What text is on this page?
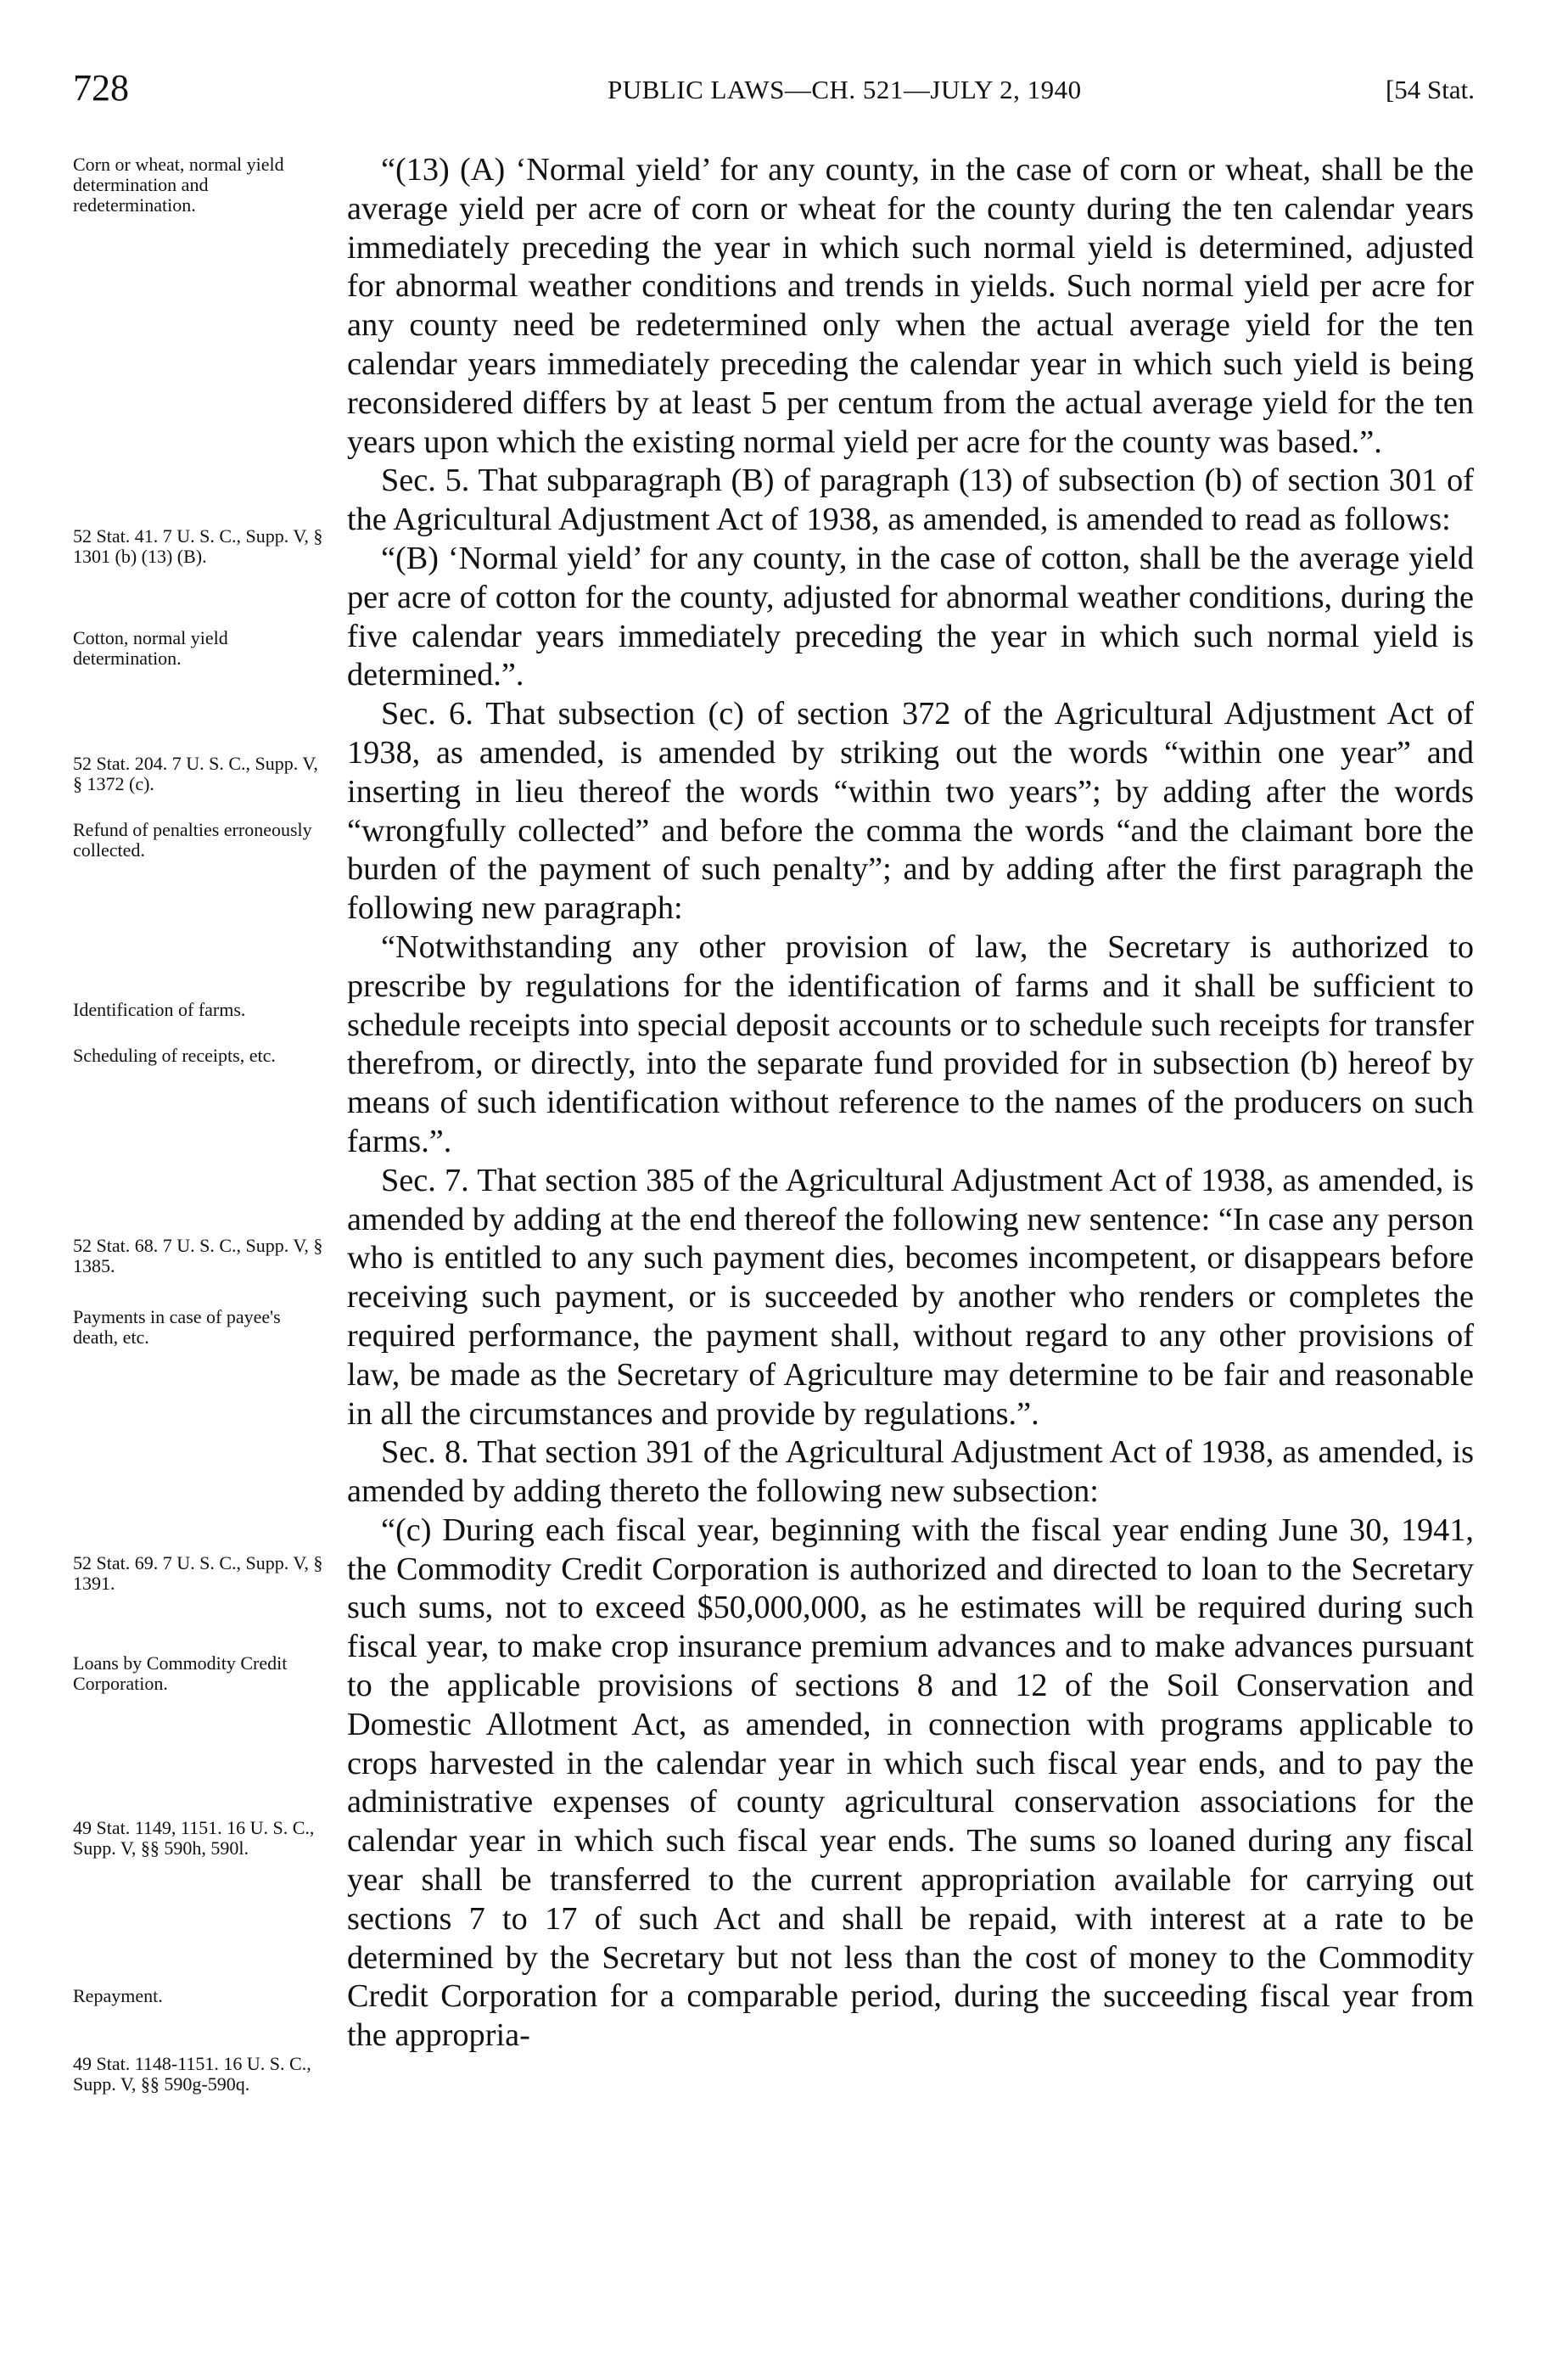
728	PUBLIC LAWS—CH. 521—JULY 2, 1940	[54 Stat.
Corn or wheat, normal yield determination and redetermination.
52 Stat. 41. 7 U. S. C., Supp. V, § 1301 (b) (13) (B).
Cotton, normal yield determination.
52 Stat. 204. 7 U. S. C., Supp. V, § 1372 (c).
Refund of penalties erroneously collected.
Identification of farms.
Scheduling of receipts, etc.
52 Stat. 68. 7 U. S. C., Supp. V, § 1385.
Payments in case of payee's death, etc.
52 Stat. 69. 7 U. S. C., Supp. V, § 1391.
Loans by Commodity Credit Corporation.
49 Stat. 1149, 1151. 16 U. S. C., Supp. V, §§ 590h, 590l.
Repayment.
49 Stat. 1148-1151. 16 U. S. C., Supp. V, §§ 590g-590q.

“(13) (A) ‘Normal yield’ for any county, in the case of corn or wheat, shall be the average yield per acre of corn or wheat for the county during the ten calendar years immediately preceding the year in which such normal yield is determined, adjusted for abnormal weather conditions and trends in yields. Such normal yield per acre for any county need be redetermined only when the actual average yield for the ten calendar years immediately preceding the calendar year in which such yield is being reconsidered differs by at least 5 per centum from the actual average yield for the ten years upon which the existing normal yield per acre for the county was based.”.

Sec. 5. That subparagraph (B) of paragraph (13) of subsection (b) of section 301 of the Agricultural Adjustment Act of 1938, as amended, is amended to read as follows:

“(B) ‘Normal yield’ for any county, in the case of cotton, shall be the average yield per acre of cotton for the county, adjusted for abnormal weather conditions, during the five calendar years immediately preceding the year in which such normal yield is determined.”.

Sec. 6. That subsection (c) of section 372 of the Agricultural Adjustment Act of 1938, as amended, is amended by striking out the words “within one year” and inserting in lieu thereof the words “within two years”; by adding after the words “wrongfully collected” and before the comma the words “and the claimant bore the burden of the payment of such penalty”; and by adding after the first paragraph the following new paragraph:

“Notwithstanding any other provision of law, the Secretary is authorized to prescribe by regulations for the identification of farms and it shall be sufficient to schedule receipts into special deposit accounts or to schedule such receipts for transfer therefrom, or directly, into the separate fund provided for in subsection (b) hereof by means of such identification without reference to the names of the producers on such farms.”.

Sec. 7. That section 385 of the Agricultural Adjustment Act of 1938, as amended, is amended by adding at the end thereof the following new sentence: “In case any person who is entitled to any such payment dies, becomes incompetent, or disappears before receiving such payment, or is succeeded by another who renders or completes the required performance, the payment shall, without regard to any other provisions of law, be made as the Secretary of Agriculture may determine to be fair and reasonable in all the circumstances and provide by regulations.”.

Sec. 8. That section 391 of the Agricultural Adjustment Act of 1938, as amended, is amended by adding thereto the following new subsection:

“(c) During each fiscal year, beginning with the fiscal year ending June 30, 1941, the Commodity Credit Corporation is authorized and directed to loan to the Secretary such sums, not to exceed $50,000,000, as he estimates will be required during such fiscal year, to make crop insurance premium advances and to make advances pursuant to the applicable provisions of sections 8 and 12 of the Soil Conservation and Domestic Allotment Act, as amended, in connection with programs applicable to crops harvested in the calendar year in which such fiscal year ends, and to pay the administrative expenses of county agricultural conservation associations for the calendar year in which such fiscal year ends. The sums so loaned during any fiscal year shall be transferred to the current appropriation available for carrying out sections 7 to 17 of such Act and shall be repaid, with interest at a rate to be determined by the Secretary but not less than the cost of money to the Commodity Credit Corporation for a comparable period, during the succeeding fiscal year from the appropria-
